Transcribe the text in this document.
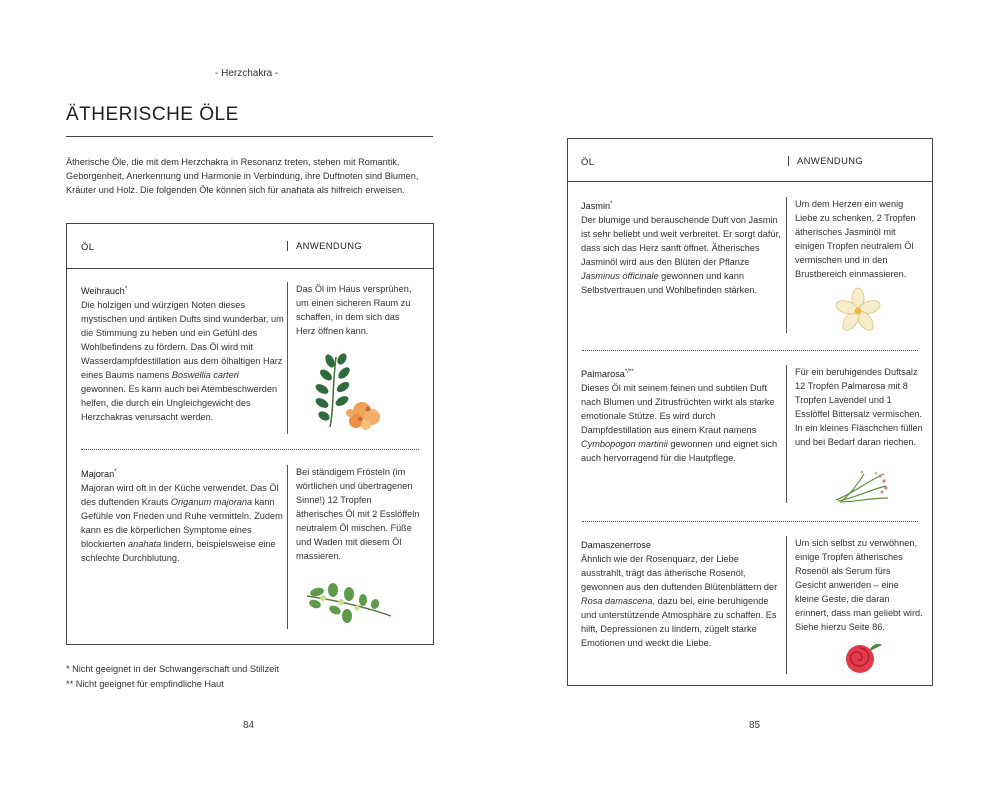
- Herzchakra -
ÄTHERISCHE ÖLE

Ätherische Öle, die mit dem Herzchakra in Resonanz treten, stehen mit Romantik, Geborgenheit, Anerkennung und Harmonie in Verbindung, ihre Duftnoten sind Blumen, Kräuter und Holz. Die folgenden Öle können sich für anahata als hilfreich erweisen.

ÖL	ANWENDUNG
Weihrauch*

Die holzigen und würzigen Noten dieses mystischen und antiken Dufts sind wunderbar, um die Stimmung zu heben und ein Gefühl des Wohlbefindens zu fördern. Das Öl wird mit Wasserdampfdestillation aus dem ölhaltigen Harz eines Baums namens Boswellia carteri gewonnen. Es kann auch bei Atembeschwerden helfen, die durch ein Ungleichgewicht des Herzchakras verursacht werden.

Das Öl im Haus versprühen, um einen sicheren Raum zu schaffen, in dem sich das Herz öffnen kann.

Majoran*

Majoran wird oft in der Küche verwendet. Das Öl des duftenden Krauts Origanum majorana kann Gefühle von Frieden und Ruhe vermitteln. Zudem kann es die körperlichen Symptome eines blockierten anahata lindern, beispielsweise eine schlechte Durchblutung.

Bei ständigem Frösteln (im wörtlichen und übertragenen Sinne!) 12 Tropfen ätherisches Öl mit 2 Esslöffeln neutralem Öl mischen. Füße und Waden mit diesem Öl massieren.

* Nicht geeignet in der Schwangerschaft und Stillzeit
** Nicht geeignet für empfindliche Haut
84
ÖL	ANWENDUNG
Jasmin*

Der blumige und berauschende Duft von Jasmin ist sehr beliebt und weit verbreitet. Er sorgt dafür, dass sich das Herz sanft öffnet. Ätherisches Jasminöl wird aus den Blüten der Pflanze Jasminus officinale gewonnen und kann Selbstvertrauen und Wohlbefinden stärken.

Um dem Herzen ein wenig Liebe zu schenken, 2 Tropfen ätherisches Jasminöl mit einigen Tropfen neutralem Öl vermischen und in den Brustbereich einmassieren.

Palmarosa*/**

Dieses Öl mit seinem feinen und subtilen Duft nach Blumen und Zitrusfrüchten wirkt als starke emotionale Stütze. Es wird durch Dampfdestillation aus einem Kraut namens Cymbopogon martinii gewonnen und eignet sich auch hervorragend für die Hautpflege.

Für ein beruhigendes Duftsalz 12 Tropfen Palmarosa mit 8 Tropfen Lavendel und 1 Esslöffel Bittersalz vermischen. In ein kleines Fläschchen füllen und bei Bedarf daran riechen.

Damaszenerrose

Ähnlich wie der Rosenquarz, der Liebe ausstrahlt, trägt das ätherische Rosenöl, gewonnen aus den duftenden Blütenblättern der Rosa damascena, dazu bei, eine beruhigende und unterstützende Atmosphäre zu schaffen. Es hilft, Depressionen zu lindern, zügelt starke Emotionen und weckt die Liebe.

Um sich selbst zu verwöhnen, einige Tropfen ätherisches Rosenöl als Serum fürs Gesicht anwenden – eine kleine Geste, die daran erinnert, dass man geliebt wird. Siehe hierzu Seite 86.

85
